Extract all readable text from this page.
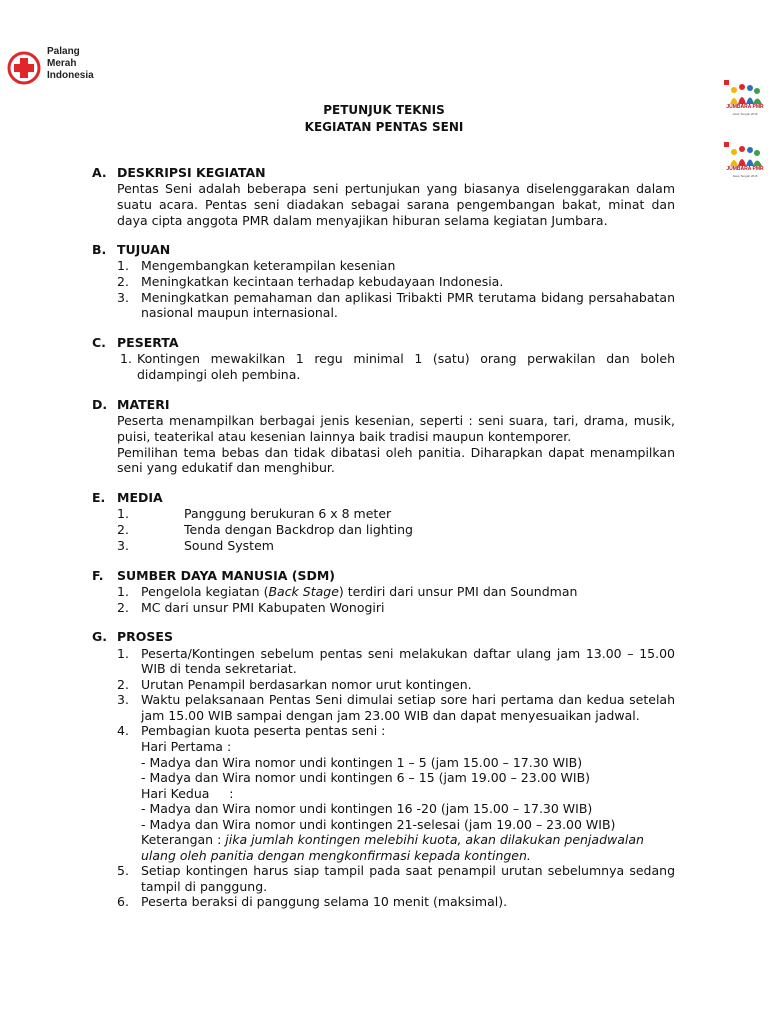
Palang
Merah
Indonesia
JUMBARA PMR
Jawa Tengah 2016
JUMBARA PMR
Jawa Tengah 2016
PETUNJUK TEKNIS
KEGIATAN PENTAS SENI
A. DESKRIPSI KEGIATAN
Pentas Seni adalah beberapa seni pertunjukan yang biasanya diselenggarakan dalam
suatu acara. Pentas seni diadakan sebagai sarana pengembangan bakat, minat dan
daya cipta anggota PMR dalam menyajikan hiburan selama kegiatan Jumbara.
B. TUJUAN
1. Mengembangkan keterampilan kesenian
2. Meningkatkan kecintaan terhadap kebudayaan Indonesia.
3. Meningkatkan pemahaman dan aplikasi Tribakti PMR terutama bidang persahabatan
nasional maupun internasional.
C. PESERTA
1. Kontingen mewakilkan 1 regu minimal 1 (satu) orang perwakilan dan boleh
didampingi oleh pembina.
D. MATERI
Peserta menampilkan berbagai jenis kesenian, seperti : seni suara, tari, drama, musik,
puisi, teaterikal atau kesenian lainnya baik tradisi maupun kontemporer.
Pemilihan tema bebas dan tidak dibatasi oleh panitia. Diharapkan dapat menampilkan
seni yang edukatif dan menghibur.
E. MEDIA
1.	Panggung berukuran 6 x 8 meter
2.	Tenda dengan Backdrop dan lighting
3.	Sound System
F. SUMBER DAYA MANUSIA (SDM)
1. Pengelola kegiatan (Back Stage) terdiri dari unsur PMI dan Soundman
2. MC dari unsur PMI Kabupaten Wonogiri
G. PROSES
1. Peserta/Kontingen sebelum pentas seni melakukan daftar ulang jam 13.00 – 15.00
WIB di tenda sekretariat.
2. Urutan Penampil berdasarkan nomor urut kontingen.
3. Waktu pelaksanaan Pentas Seni dimulai setiap sore hari pertama dan kedua setelah
jam 15.00 WIB sampai dengan jam 23.00 WIB dan dapat menyesuaikan jadwal.
4. Pembagian kuota peserta pentas seni :
Hari Pertama :
- Madya dan Wira nomor undi kontingen 1 – 5 (jam 15.00 – 17.30 WIB)
- Madya dan Wira nomor undi kontingen 6 – 15 (jam 19.00 – 23.00 WIB)
Hari Kedua     :
- Madya dan Wira nomor undi kontingen 16 -20 (jam 15.00 – 17.30 WIB)
- Madya dan Wira nomor undi kontingen 21-selesai (jam 19.00 – 23.00 WIB)
Keterangan : jika jumlah kontingen melebihi kuota, akan dilakukan penjadwalan
ulang oleh panitia dengan mengkonfirmasi kepada kontingen.
5. Setiap kontingen harus siap tampil pada saat penampil urutan sebelumnya sedang
tampil di panggung.
6. Peserta beraksi di panggung selama 10 menit (maksimal).
